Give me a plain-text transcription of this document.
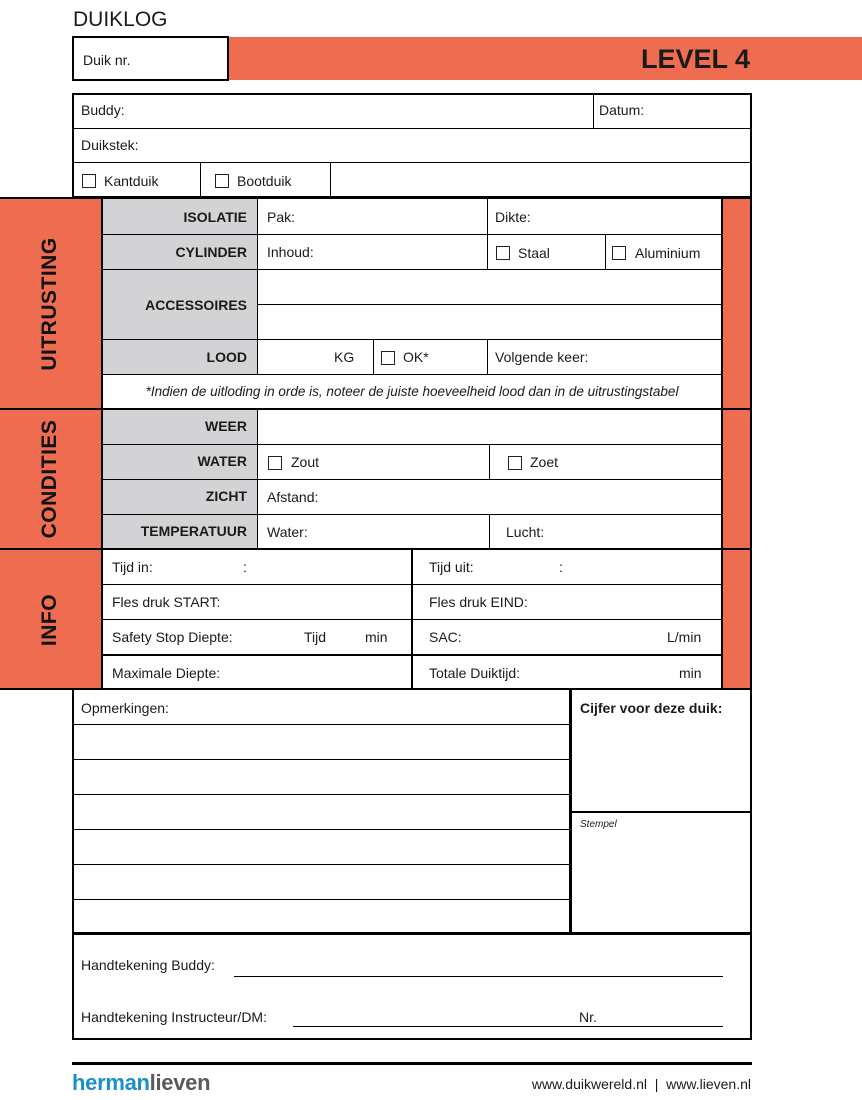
DUIKLOG
Duik nr.	LEVEL 4
Buddy:	Datum:
Duikstek:
Kantduik	Bootduik
UITRUSTING
CONDITIES
INFO
ISOLATIE Pak:	Dikte:
CYLINDER Inhoud:	Staal	Aluminium
ACCESSOIRES
LOOD	KG	OK*	Volgende keer:
*Indien de uitloding in orde is, noteer de juiste hoeveelheid lood dan in de uitrustingstabel
WEER
WATER	Zout	Zoet
ZICHT Afstand:
TEMPERATUUR Water:	Lucht:
Tijd in:	:	Tijd uit:	:
Fles druk START:	Fles druk EIND:
Safety Stop Diepte:	Tijd	min	SAC:	L/min
Maximale Diepte:	Totale Duiktijd:	min
Opmerkingen:	Cijfer voor deze duik:
Stempel
Handtekening Buddy:
Handtekening Instructeur/DM:	Nr.
hermanlieven	www.duikwereld.nl  |  www.lieven.nl
